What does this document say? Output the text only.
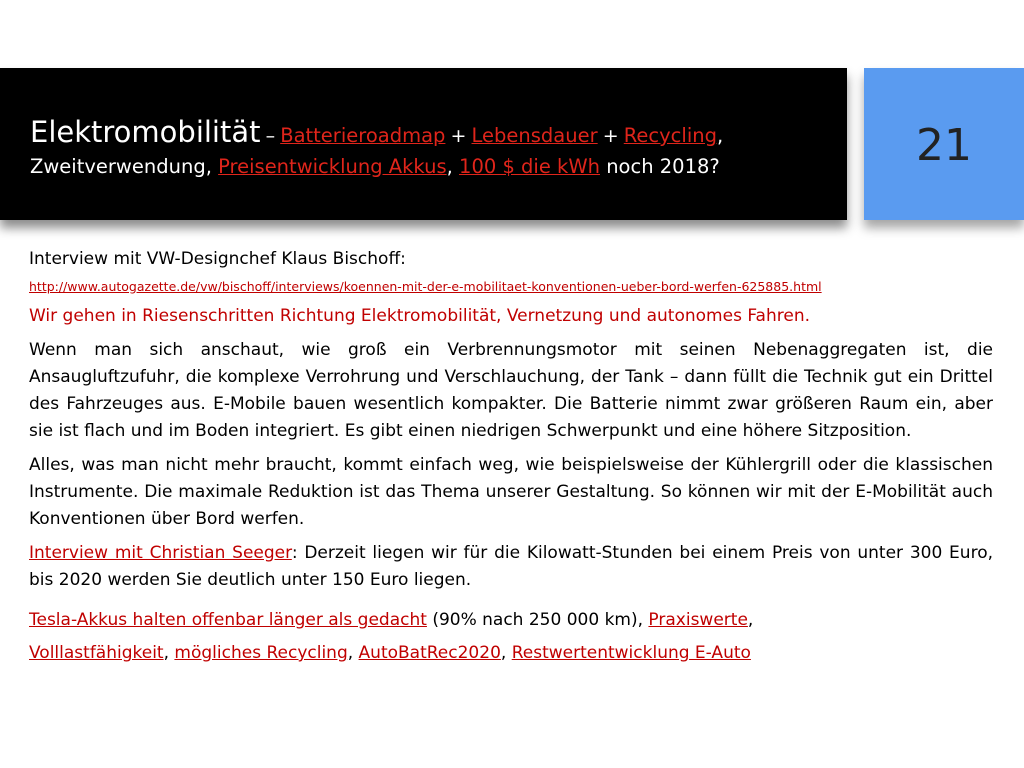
Elektromobilität – Batterieroadmap + Lebensdauer + Recycling,
Zweitverwendung, Preisentwicklung Akkus, 100 $ die kWh noch 2018?	21

Interview mit VW-Designchef Klaus Bischoff:

http://www.autogazette.de/vw/bischoff/interviews/koennen-mit-der-e-mobilitaet-konventionen-ueber-bord-werfen-625885.html

Wir gehen in Riesenschritten Richtung Elektromobilität, Vernetzung und autonomes Fahren.

Wenn man sich anschaut, wie groß ein Verbrennungsmotor mit seinen Nebenaggregaten ist, die Ansaugluftzufuhr, die komplexe Verrohrung und Verschlauchung, der Tank – dann füllt die Technik gut ein Drittel des Fahrzeuges aus. E-Mobile bauen wesentlich kompakter. Die Batterie nimmt zwar größeren Raum ein, aber sie ist flach und im Boden integriert. Es gibt einen niedrigen Schwerpunkt und eine höhere Sitzposition.

Alles, was man nicht mehr braucht, kommt einfach weg, wie beispielsweise der Kühlergrill oder die klassischen Instrumente. Die maximale Reduktion ist das Thema unserer Gestaltung. So können wir mit der E-Mobilität auch Konventionen über Bord werfen.

Interview mit Christian Seeger: Derzeit liegen wir für die Kilowatt-Stunden bei einem Preis von unter 300 Euro, bis 2020 werden Sie deutlich unter 150 Euro liegen.

Tesla-Akkus halten offenbar länger als gedacht (90% nach 250 000 km), Praxiswerte,

Volllastfähigkeit, mögliches Recycling, AutoBatRec2020, Restwertentwicklung E-Auto
